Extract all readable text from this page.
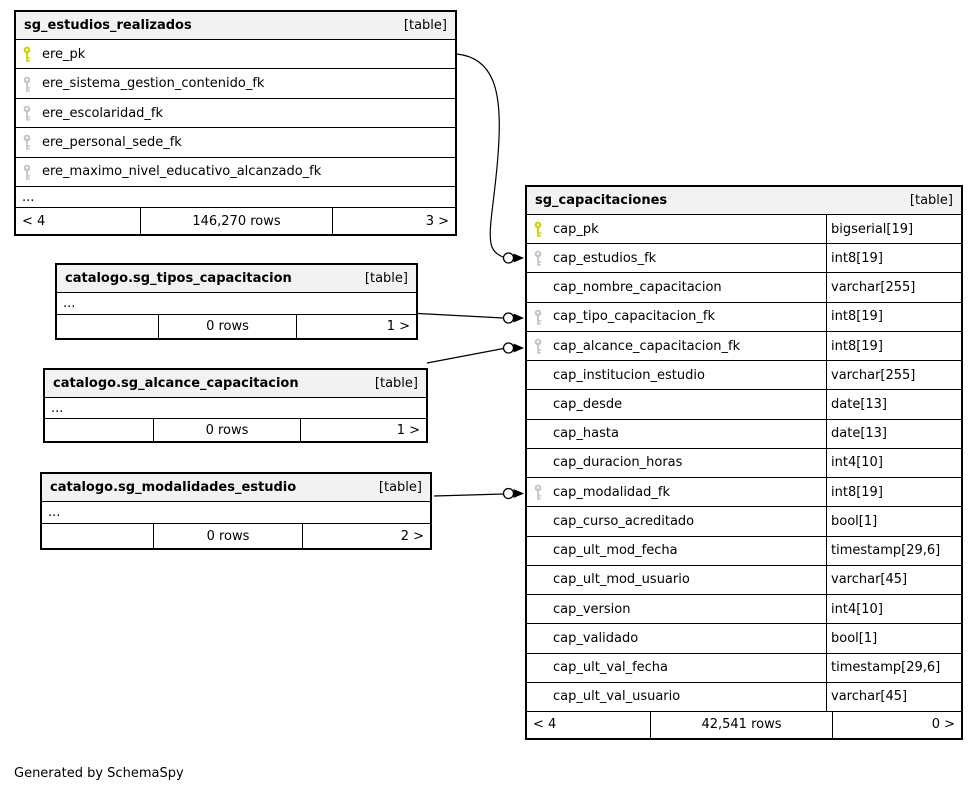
sg_estudios_realizados	[table]
ere_pk
ere_sistema_gestion_contenido_fk
ere_escolaridad_fk
ere_personal_sede_fk
ere_maximo_nivel_educativo_alcanzado_fk
...
< 4	146,270 rows	3 >
catalogo.sg_tipos_capacitacion	[table]
...
0 rows	1 >
catalogo.sg_alcance_capacitacion	[table]
...
0 rows	1 >
catalogo.sg_modalidades_estudio	[table]
...
0 rows	2 >
sg_capacitaciones	[table]
cap_pk	bigserial[19]
cap_estudios_fk	int8[19]
cap_nombre_capacitacion	varchar[255]
cap_tipo_capacitacion_fk	int8[19]
cap_alcance_capacitacion_fk	int8[19]
cap_institucion_estudio	varchar[255]
cap_desde	date[13]
cap_hasta	date[13]
cap_duracion_horas	int4[10]
cap_modalidad_fk	int8[19]
cap_curso_acreditado	bool[1]
cap_ult_mod_fecha	timestamp[29,6]
cap_ult_mod_usuario	varchar[45]
cap_version	int4[10]
cap_validado	bool[1]
cap_ult_val_fecha	timestamp[29,6]
cap_ult_val_usuario	varchar[45]
< 4	42,541 rows	0 >
Generated by SchemaSpy
